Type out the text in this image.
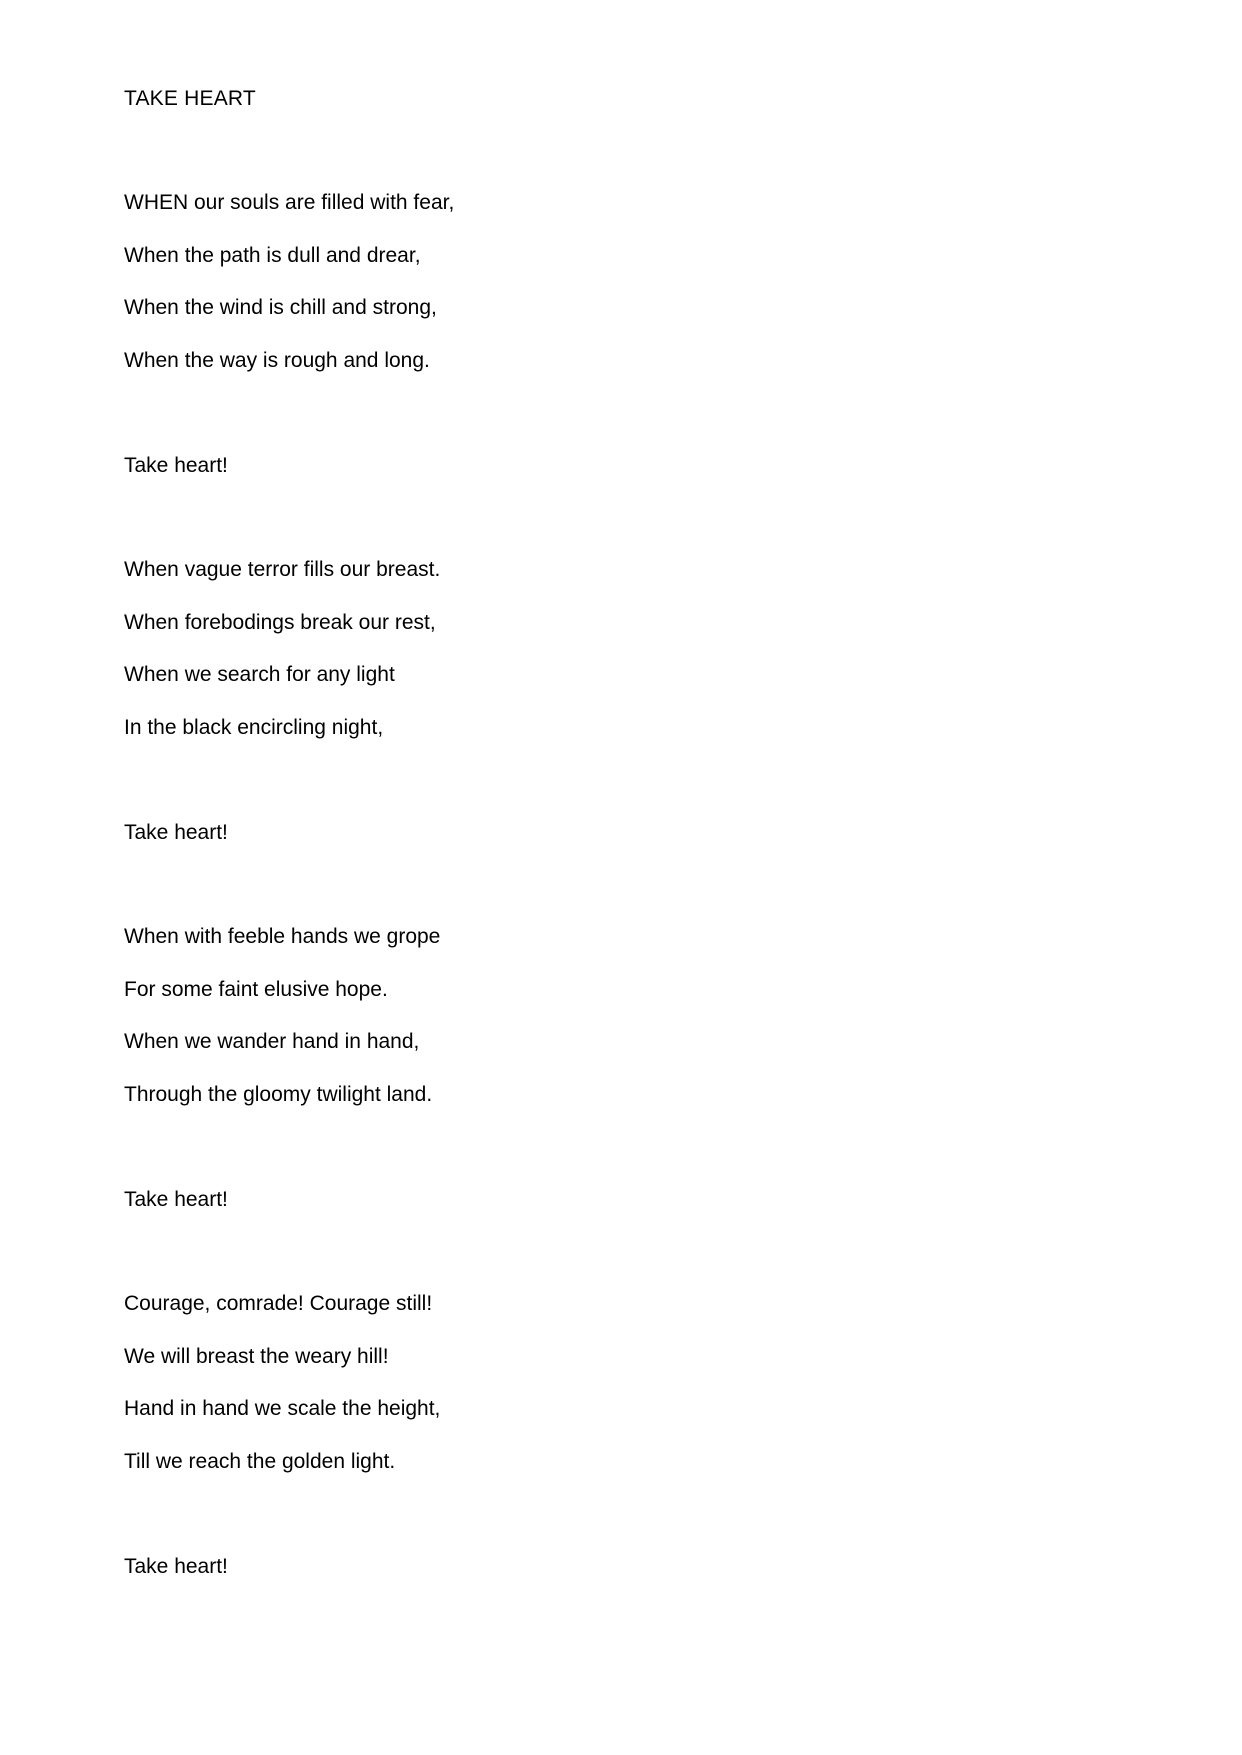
TAKE HEART
WHEN our souls are filled with fear,
When the path is dull and drear,
When the wind is chill and strong,
When the way is rough and long.

Take heart!

When vague terror fills our breast.
When forebodings break our rest,
When we search for any light
In the black encircling night,

Take heart!

When with feeble hands we grope
For some faint elusive hope.
When we wander hand in hand,
Through the gloomy twilight land.

Take heart!

Courage, comrade! Courage still!
We will breast the weary hill!
Hand in hand we scale the height,
Till we reach the golden light.

Take heart!
